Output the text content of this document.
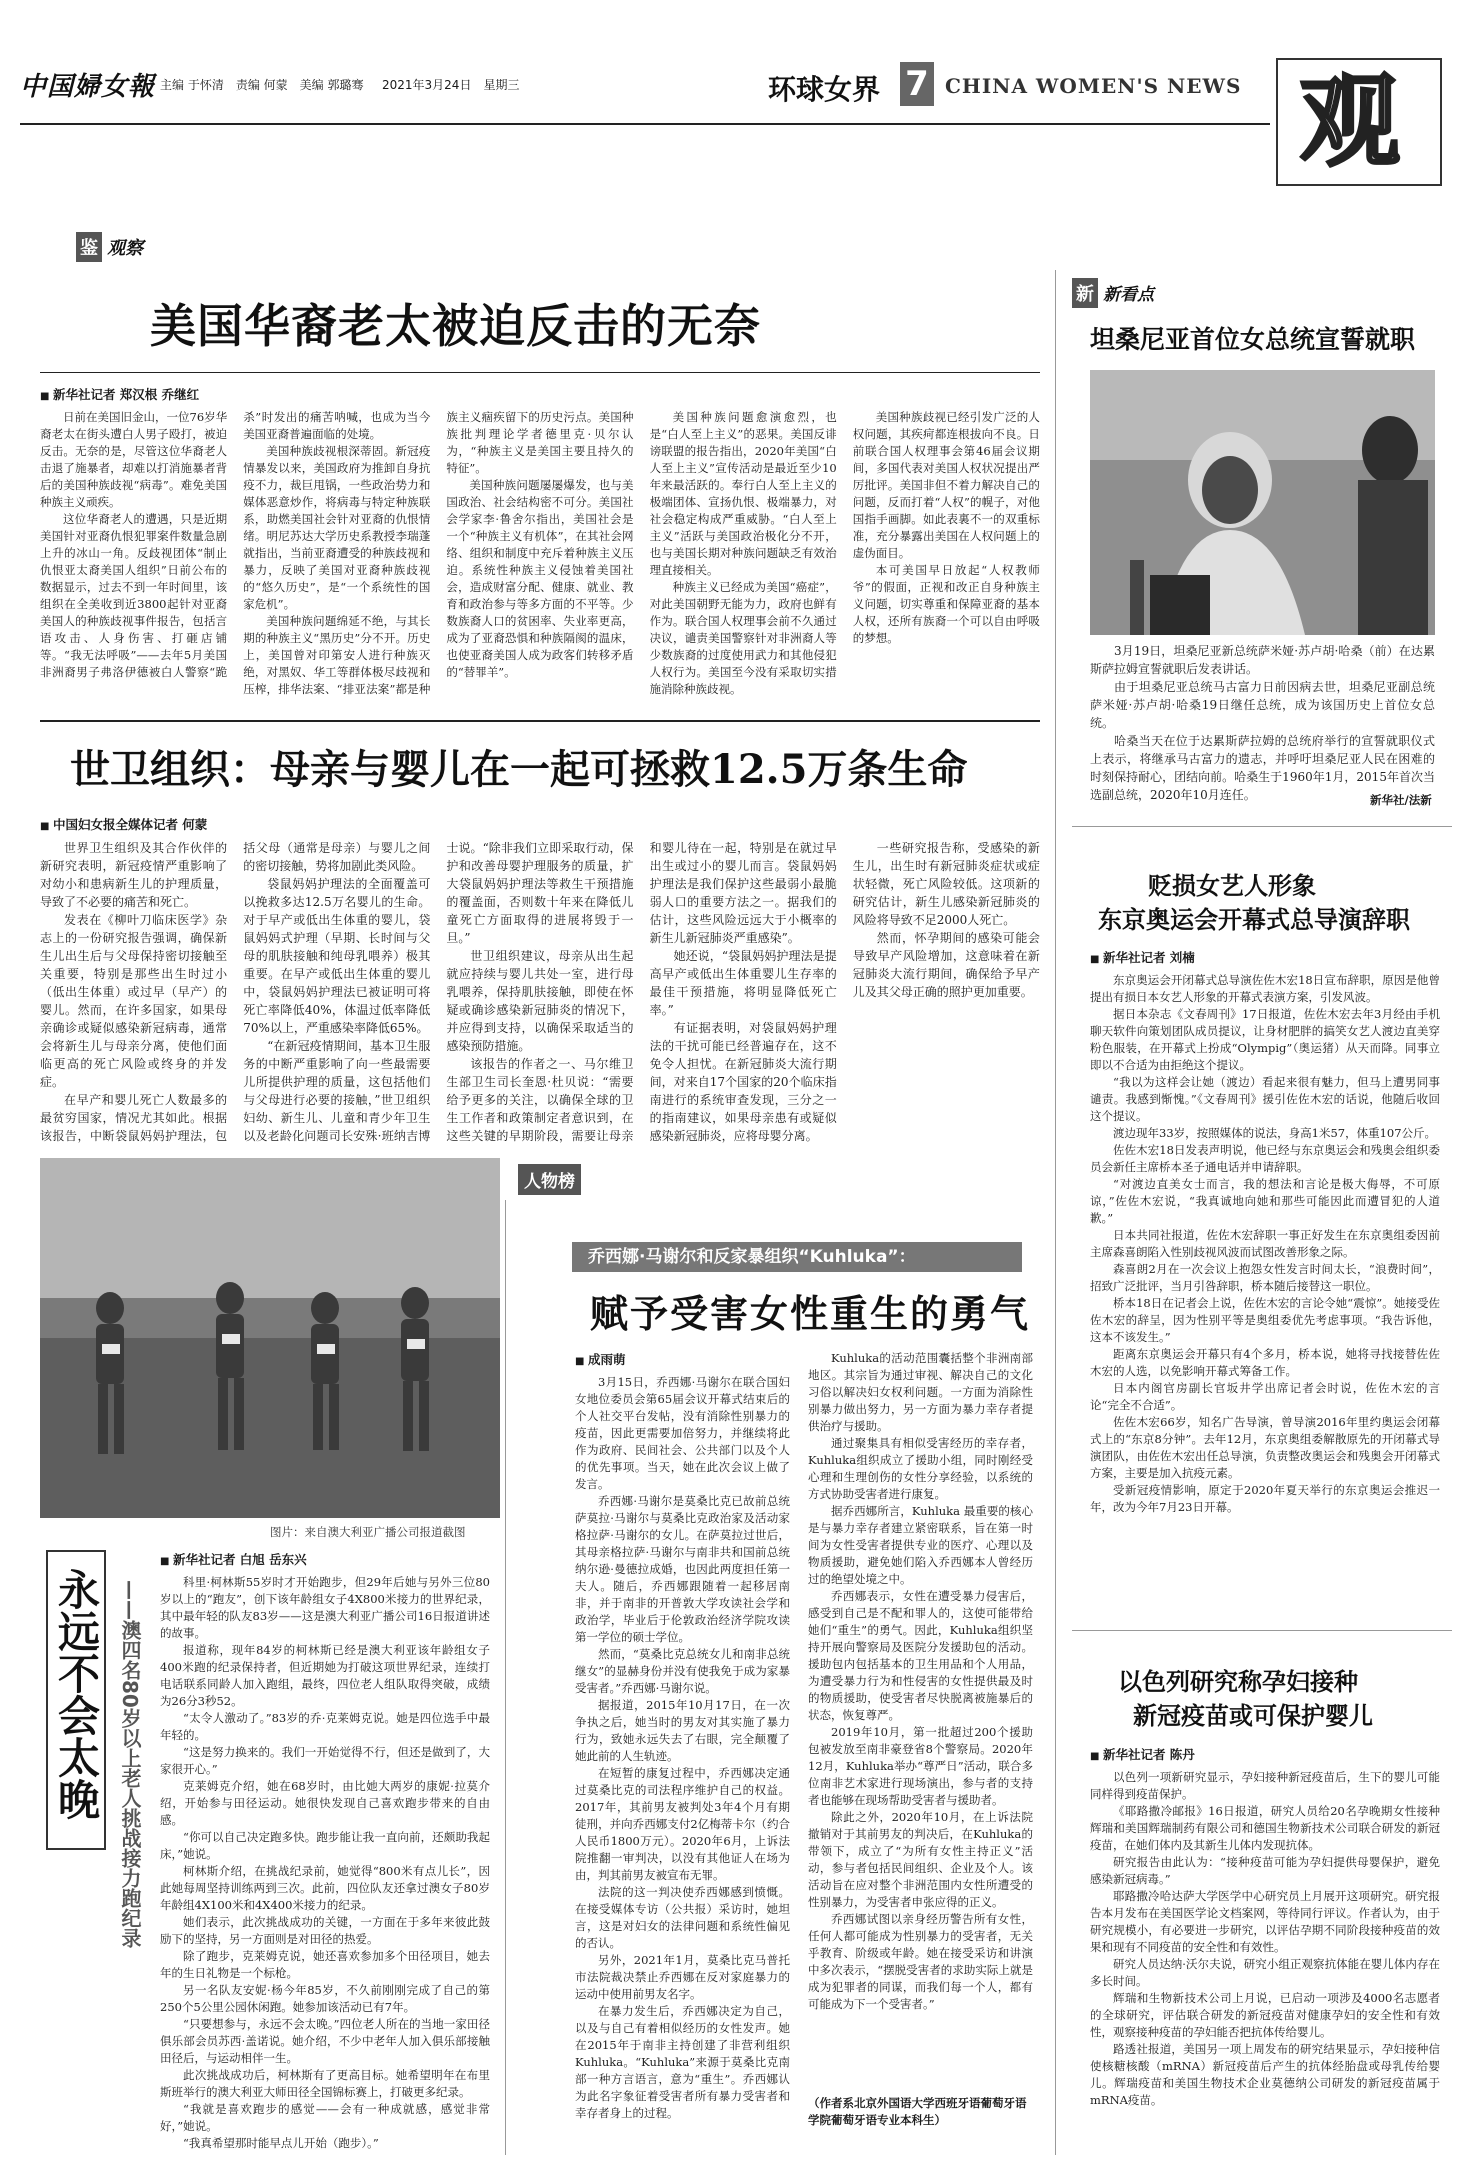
中国婦女報 主编 于怀清　责编 何蒙　美编 郭璐骞 2021年3月24日　星期三	环球女界 7 CHINA WOMEN'S NEWS 观
鉴 观察
美国华裔老太被迫反击的无奈
■ 新华社记者 郑汉根 乔继红

日前在美国旧金山，一位76岁华裔老太在街头遭白人男子殴打，被迫反击。无奈的是，尽管这位华裔老人击退了施暴者，却难以打消施暴者背后的美国种族歧视“病毒”。难免美国种族主义顽疾。

这位华裔老人的遭遇，只是近期美国针对亚裔仇恨犯罪案件数量急剧上升的冰山一角。反歧视团体“制止仇恨亚太裔美国人组织”日前公布的数据显示，过去不到一年时间里，该组织在全美收到近3800起针对亚裔美国人的种族歧视事件报告，包括言语攻击、人身伤害、打砸店铺等。“我无法呼吸”——去年5月美国非洲裔男子弗洛伊德被白人警察“跪杀”时发出的痛苦呐喊，也成为当今美国亚裔普遍面临的处境。

美国种族歧视根深蒂固。新冠疫情暴发以来，美国政府为推卸自身抗疫不力，裁巨甩锅，一些政治势力和媒体恶意炒作，将病毒与特定种族联系，助燃美国社会针对亚裔的仇恨情绪。明尼苏达大学历史系教授李瑞蓬就指出，当前亚裔遭受的种族歧视和暴力，反映了美国对亚裔种族歧视的“悠久历史”，是“一个系统性的国家危机”。

美国种族问题绵延不绝，与其长期的种族主义“黑历史”分不开。历史上，美国曾对印第安人进行种族灭绝，对黑奴、华工等群体极尽歧视和压榨，排华法案、“排亚法案”都是种族主义痼疾留下的历史污点。美国种族批判理论学者德里克·贝尔认为，“种族主义是美国主要且持久的特征”。

美国种族问题屡屡爆发，也与美国政治、社会结构密不可分。美国社会学家李·鲁舍尔指出，美国社会是一个“种族主义有机体”，在其社会网络、组织和制度中充斥着种族主义压迫。系统性种族主义侵蚀着美国社会，造成财富分配、健康、就业、教育和政治参与等多方面的不平等。少数族裔人口的贫困率、失业率更高，成为了亚裔恐惧和种族隔阂的温床，也使亚裔美国人成为政客们转移矛盾的“替罪羊”。

美国种族问题愈演愈烈，也是“白人至上主义”的恶果。美国反诽谤联盟的报告指出，2020年美国“白人至上主义”宣传活动是最近至少10年来最活跃的。奉行白人至上主义的极端团体、宣扬仇恨、极端暴力，对社会稳定构成严重威胁。“白人至上主义”活跃与美国政治极化分不开，也与美国长期对种族问题缺乏有效治理直接相关。

种族主义已经成为美国“癌症”，对此美国朝野无能为力，政府也鲜有作为。联合国人权理事会前不久通过决议，谴责美国警察针对非洲裔人等少数族裔的过度使用武力和其他侵犯人权行为。美国至今没有采取切实措施消除种族歧视。

美国种族歧视已经引发广泛的人权问题，其疾疴都连根拔向不良。日前联合国人权理事会第46届会议期间，多国代表对美国人权状况提出严厉批评。美国非但不着力解决自己的问题，反而打着“人权”的幌子，对他国指手画脚。如此表裏不一的双重标准，充分暴露出美国在人权问题上的虚伪面目。

本可美国早日放起“人权教师爷”的假面，正视和改正自身种族主义问题，切实尊重和保障亚裔的基本人权，还所有族裔一个可以自由呼吸的梦想。

世卫组织：母亲与婴儿在一起可拯救12.5万条生命
■ 中国妇女报全媒体记者 何蒙

世界卫生组织及其合作伙伴的新研究表明，新冠疫情严重影响了对幼小和患病新生儿的护理质量，导致了不必要的痛苦和死亡。

发表在《柳叶刀临床医学》杂志上的一份研究报告强调，确保新生儿出生后与父母保持密切接触至关重要，特别是那些出生时过小（低出生体重）或过早（早产）的婴儿。然而，在许多国家，如果母亲确诊或疑似感染新冠病毒，通常会将新生儿与母亲分离，使他们面临更高的死亡风险或终身的并发症。

在早产和婴儿死亡人数最多的最贫穷国家，情况尤其如此。根据该报告，中断袋鼠妈妈护理法，包括父母（通常是母亲）与婴儿之间的密切接触，势将加剧此类风险。

袋鼠妈妈护理法的全面覆盖可以挽救多达12.5万名婴儿的生命。对于早产或低出生体重的婴儿，袋鼠妈妈式护理（早期、长时间与父母的肌肤接触和纯母乳喂养）极其重要。在早产或低出生体重的婴儿中，袋鼠妈妈护理法已被证明可将死亡率降低40%，体温过低率降低70%以上，严重感染率降低65%。

“在新冠疫情期间，基本卫生服务的中断严重影响了向一些最需要儿所提供护理的质量，这包括他们与父母进行必要的接触，”世卫组织妇幼、新生儿、儿童和青少年卫生以及老龄化问题司长安殊·班纳吉博士说。“除非我们立即采取行动，保护和改善母婴护理服务的质量，扩大袋鼠妈妈护理法等救生干预措施的覆盖面，否则数十年来在降低儿童死亡方面取得的进展将毁于一旦。”

世卫组织建议，母亲从出生起就应持续与婴儿共处一室，进行母乳喂养，保持肌肤接触，即使在怀疑或确诊感染新冠肺炎的情况下，并应得到支持，以确保采取适当的感染预防措施。

该报告的作者之一、马尔维卫生部卫生司长奎恩·杜贝说：“需要给予更多的关注，以确保全球的卫生工作者和政策制定者意识到，在这些关键的早期阶段，需要让母亲和婴儿待在一起，特别是在就过早出生或过小的婴儿而言。袋鼠妈妈护理法是我们保护这些最弱小最脆弱人口的重要方法之一。据我们的估计，这些风险远远大于小概率的新生儿新冠肺炎严重感染”。

她还说，“袋鼠妈妈护理法是提高早产或低出生体重婴儿生存率的最佳干预措施，将明显降低死亡率。”

有证据表明，对袋鼠妈妈护理法的干扰可能已经普遍存在，这不免令人担忧。在新冠肺炎大流行期间，对来自17个国家的20个临床指南进行的系统审查发现，三分之一的指南建议，如果母亲患有或疑似感染新冠肺炎，应将母婴分离。

一些研究报告称，受感染的新生儿，出生时有新冠肺炎症状或症状轻微，死亡风险较低。这项新的研究估计，新生儿感染新冠肺炎的风险将导致不足2000人死亡。

然而，怀孕期间的感染可能会导致早产风险增加，这意味着在新冠肺炎大流行期间，确保给予早产儿及其父母正确的照护更加重要。

图片：来自澳大利亚广播公司报道截图
人物榜
永远不会太晚 ——澳四名80岁以上老人挑战接力跑纪录
■ 新华社记者 白旭 岳东兴

科里·柯林斯55岁时才开始跑步，但29年后她与另外三位80岁以上的“跑友”，创下该年龄组女子4X800米接力的世界纪录，其中最年轻的队友83岁——这是澳大利亚广播公司16日报道讲述的故事。

报道称，现年84岁的柯林斯已经是澳大利亚该年龄组女子400米跑的纪录保持者，但近期她为打破这项世界纪录，连续打电话联系同龄人加入跑组，最终，四位老人组队取得突破，成绩为26分3秒52。

“太令人激动了。”83岁的乔·克莱姆克说。她是四位选手中最年轻的。

“这是努力换来的。我们一开始觉得不行，但还是做到了，大家很开心。”

克莱姆克介绍，她在68岁时，由比她大两岁的康妮·拉莫介绍，开始参与田径运动。她很快发现自己喜欢跑步带来的自由感。

“你可以自己决定跑多快。跑步能让我一直向前，还颇助我起床，”她说。

柯林斯介绍，在挑战纪录前，她觉得“800米有点儿长”，因此她每周坚持训练两到三次。此前，四位队友还拿过澳女子80岁年龄组4X100米和4X400米接力的纪录。

她们表示，此次挑战成功的关键，一方面在于多年来彼此鼓励下的坚持，另一方面则是对田径的热爱。

除了跑步，克莱姆克说，她还喜欢参加多个田径项目，她去年的生日礼物是一个标枪。

另一名队友安妮·杨今年85岁，不久前刚刚完成了自己的第250个5公里公园休闲跑。她参加该活动已有7年。

“只要想参与，永远不会太晚。”四位老人所在的当地一家田径俱乐部会员苏西·盖诺说。她介绍，不少中老年人加入俱乐部接触田径后，与运动相伴一生。

此次挑战成功后，柯林斯有了更高目标。她希望明年在布里斯班举行的澳大利亚大师田径全国锦标赛上，打破更多纪录。

“我就是喜欢跑步的感觉——会有一种成就感，感觉非常好，”她说。

“我真希望那时能早点儿开始（跑步）。”

乔西娜·马谢尔和反家暴组织“Kuhluka”：
赋予受害女性重生的勇气
■ 成雨萌

3月15日，乔西娜·马谢尔在联合国妇女地位委员会第65届会议开幕式结束后的个人社交平台发帖，没有消除性别暴力的疫苗，因此更需要加倍努力，并继续将此作为政府、民间社会、公共部门以及个人的优先事项。当天，她在此次会议上做了发言。

乔西娜·马谢尔是莫桑比克已故前总统萨莫拉·马谢尔与莫桑比克政治家及活动家格拉萨·马谢尔的女儿。在萨莫拉过世后，其母亲格拉萨·马谢尔与南非共和国前总统纳尔逊·曼德拉成婚，也因此两度担任第一夫人。随后，乔西娜跟随着一起移居南非，并于南非的开普敦大学攻读社会学和政治学，毕业后于伦敦政治经济学院攻读第一学位的硕士学位。

然而，“莫桑比克总统女儿和南非总统继女”的显赫身份并没有使我免于成为家暴受害者。”乔西娜·马谢尔说。

据报道，2015年10月17日，在一次争执之后，她当时的男友对其实施了暴力行为，致她永远失去了右眼，完全颠覆了她此前的人生轨迹。

在短暂的康复过程中，乔西娜决定通过莫桑比克的司法程序维护自己的权益。2017年，其前男友被判处3年4个月有期徒刑，并向乔西娜支付2亿梅蒂卡尔（约合人民币1800万元）。2020年6月，上诉法院推翻一审判决，以没有其他证人在场为由，判其前男友被宣布无罪。

法院的这一判决使乔西娜感到愤慨。在接受媒体专访（公共报）采访时，她坦言，这是对妇女的法律问题和系统性偏见的否认。

另外，2021年1月，莫桑比克马普托市法院裁决禁止乔西娜在反对家庭暴力的运动中使用前男友名字。

在暴力发生后，乔西娜决定为自己，以及与自己有着相似经历的女性发声。她在2015年于南非主持创建了非营利组织Kuhluka。“Kuhluka”来源于莫桑比克南部一种方言语言，意为“重生”。乔西娜认为此名字象征着受害者所有暴力受害者和幸存者身上的过程。

Kuhluka的活动范围囊括整个非洲南部地区。其宗旨为通过审视、解决自己的文化习俗以解决妇女权利问题。一方面为消除性别暴力做出努力，另一方面为暴力幸存者提供治疗与援助。

通过聚集具有相似受害经历的幸存者，Kuhluka组织成立了援助小组，同时刚经受心理和生理创伤的女性分享经验，以系统的方式协助受害者进行康复。

据乔西娜所言，Kuhluka 最重要的核心是与暴力幸存者建立紧密联系，旨在第一时间为女性受害者提供专业的医疗、心理以及物质援助，避免她们陷入乔西娜本人曾经历过的绝望处境之中。

乔西娜表示，女性在遭受暴力侵害后，感受到自己是不配和罪人的，这使可能带给她们“重生”的勇气。因此，Kuhluka组织坚持开展向警察局及医院分发援助包的活动。援助包内包括基本的卫生用品和个人用品，为遭受暴力行为和性侵害的女性提供最及时的物质援助，使受害者尽快脱离被施暴后的状态，恢复尊严。

2019年10月，第一批超过200个援助包被发放至南非豪登省8个警察局。2020年12月，Kuhluka举办“尊严日”活动，联合多位南非艺术家进行现场演出，参与者的支持者也能够在现场帮助受害者与援助者。

除此之外，2020年10月，在上诉法院撤销对于其前男友的判决后，在Kuhluka的带领下，成立了“为所有女性主持正义”活动，参与者包括民间组织、企业及个人。该活动旨在应对整个非洲范围内女性所遭受的性别暴力，为受害者申张应得的正义。

乔西娜试图以亲身经历警告所有女性，任何人都可能成为性别暴力的受害者，无关乎教育、阶级或年龄。她在接受采访和讲演中多次表示，“摆脱受害者的求助实际上就是成为犯罪者的同谋，而我们每一个人，都有可能成为下一个受害者。”

（作者系北京外国语大学西班牙语葡萄牙语学院葡萄牙语专业本科生）
新 新看点
坦桑尼亚首位女总统宣誓就职

3月19日，坦桑尼亚新总统萨米娅·苏卢胡·哈桑（前）在达累斯萨拉姆宣誓就职后发表讲话。

由于坦桑尼亚总统马古富力日前因病去世，坦桑尼亚副总统萨米娅·苏卢胡·哈桑19日继任总统，成为该国历史上首位女总统。

哈桑当天在位于达累斯萨拉姆的总统府举行的宣誓就职仪式上表示，将继承马古富力的遗志，并呼吁坦桑尼亚人民在困难的时刻保持耐心，团结向前。哈桑生于1960年1月，2015年首次当选副总统，2020年10月连任。	新华社/法新
贬损女艺人形象
东京奥运会开幕式总导演辞职
■ 新华社记者 刘楠

东京奥运会开闭幕式总导演佐佐木宏18日宣布辞职，原因是他曾提出有损日本女艺人形象的开幕式表演方案，引发风波。

据日本杂志《文春周刊》17日报道，佐佐木宏去年3月经由手机聊天软件向策划团队成员提议，让身材肥胖的搞笑女艺人渡边直美穿粉色服装，在开幕式上扮成“Olympig”（奥运猪）从天而降。同事立即以不合适为由拒绝这个提议。

“我以为这样会让她（渡边）看起来很有魅力，但马上遭男同事谴责。我感到惭愧。”《文春周刊》援引佐佐木宏的话说，他随后收回这个提议。

渡边现年33岁，按照媒体的说法，身高1米57，体重107公斤。

佐佐木宏18日发表声明说，他已经与东京奥运会和残奥会组织委员会新任主席桥本圣子通电话并申请辞职。

“对渡边直美女士而言，我的想法和言论是极大侮辱，不可原谅，”佐佐木宏说，“我真诚地向她和那些可能因此而遭冒犯的人道歉。”

日本共同社报道，佐佐木宏辞职一事正好发生在东京奥组委因前主席森喜朗陷入性别歧视风波而试图改善形象之际。

森喜朗2月在一次会议上抱怨女性发言时间太长，“浪费时间”，招致广泛批评，当月引咎辞职，桥本随后接替这一职位。

桥本18日在记者会上说，佐佐木宏的言论令她“震惊”。她接受佐佐木宏的辞呈，因为性别平等是奥组委优先考虑事项。“我告诉他，这本不该发生。”

距离东京奥运会开幕只有4个多月，桥本说，她将寻找接替佐佐木宏的人选，以免影响开幕式筹备工作。

日本内阁官房副长官坂井学出席记者会时说，佐佐木宏的言论“完全不合适”。

佐佐木宏66岁，知名广告导演，曾导演2016年里约奥运会闭幕式上的“东京8分钟”。去年12月，东京奥组委解散原先的开闭幕式导演团队，由佐佐木宏出任总导演，负责整改奥运会和残奥会开闭幕式方案，主要是加入抗疫元素。

受新冠疫情影响，原定于2020年夏天举行的东京奥运会推迟一年，改为今年7月23日开幕。

以色列研究称孕妇接种
新冠疫苗或可保护婴儿
■ 新华社记者 陈丹

以色列一项新研究显示，孕妇接种新冠疫苗后，生下的婴儿可能同样得到疫苗保护。

《耶路撒冷邮报》16日报道，研究人员给20名孕晚期女性接种辉瑞和美国辉瑞制药有限公司和德国生物新技术公司联合研发的新冠疫苗，在她们体内及其新生儿体内发现抗体。

研究报告由此认为：“接种疫苗可能为孕妇提供母婴保护，避免感染新冠病毒。”

耶路撒冷哈达萨大学医学中心研究员上月展开这项研究。研究报告本月发布在美国医学论文档案网，等待同行评议。作者认为，由于研究规模小，有必要进一步研究，以评估孕期不同阶段接种疫苗的效果和现有不同疫苗的安全性和有效性。

研究人员达纳·沃尔夫说，研究小组正观察抗体能在婴儿体内存在多长时间。

辉瑞和生物新技术公司上月说，已启动一项涉及4000名志愿者的全球研究，评估联合研发的新冠疫苗对健康孕妇的安全性和有效性，观察接种疫苗的孕妇能否把抗体传给婴儿。

路透社报道，美国另一项上周发布的研究结果显示，孕妇接种信使核糖核酸（mRNA）新冠疫苗后产生的抗体经胎盘或母乳传给婴儿。辉瑞疫苗和美国生物技术企业莫德纳公司研发的新冠疫苗属于mRNA疫苗。
